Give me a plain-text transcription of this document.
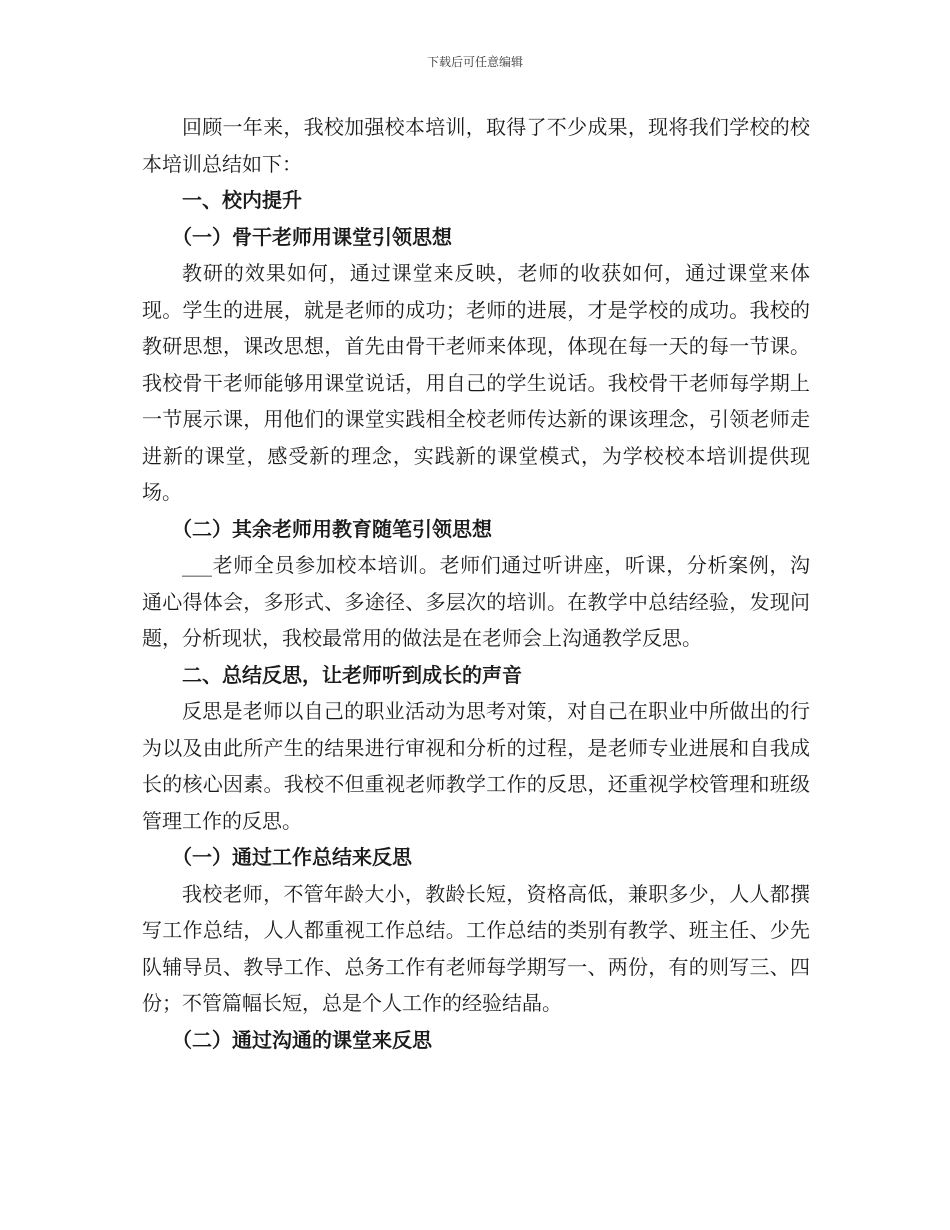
下载后可任意编辑

回顾一年来，我校加强校本培训，取得了不少成果，现将我们学校的校本培训总结如下：

一、校内提升

（一）骨干老师用课堂引领思想

教研的效果如何，通过课堂来反映，老师的收获如何，通过课堂来体现。学生的进展，就是老师的成功；老师的进展，才是学校的成功。我校的教研思想，课改思想，首先由骨干老师来体现，体现在每一天的每一节课。我校骨干老师能够用课堂说话，用自己的学生说话。我校骨干老师每学期上一节展示课，用他们的课堂实践相全校老师传达新的课该理念，引领老师走进新的课堂，感受新的理念，实践新的课堂模式，为学校校本培训提供现场。

（二）其余老师用教育随笔引领思想

___老师全员参加校本培训。老师们通过听讲座，听课，分析案例，沟通心得体会，多形式、多途径、多层次的培训。在教学中总结经验，发现问题，分析现状，我校最常用的做法是在老师会上沟通教学反思。

二、总结反思，让老师听到成长的声音

反思是老师以自己的职业活动为思考对策，对自己在职业中所做出的行为以及由此所产生的结果进行审视和分析的过程，是老师专业进展和自我成长的核心因素。我校不但重视老师教学工作的反思，还重视学校管理和班级管理工作的反思。

（一）通过工作总结来反思

我校老师，不管年龄大小，教龄长短，资格高低，兼职多少，人人都撰写工作总结，人人都重视工作总结。工作总结的类别有教学、班主任、少先队辅导员、教导工作、总务工作有老师每学期写一、两份，有的则写三、四份；不管篇幅长短，总是个人工作的经验结晶。

（二）通过沟通的课堂来反思
